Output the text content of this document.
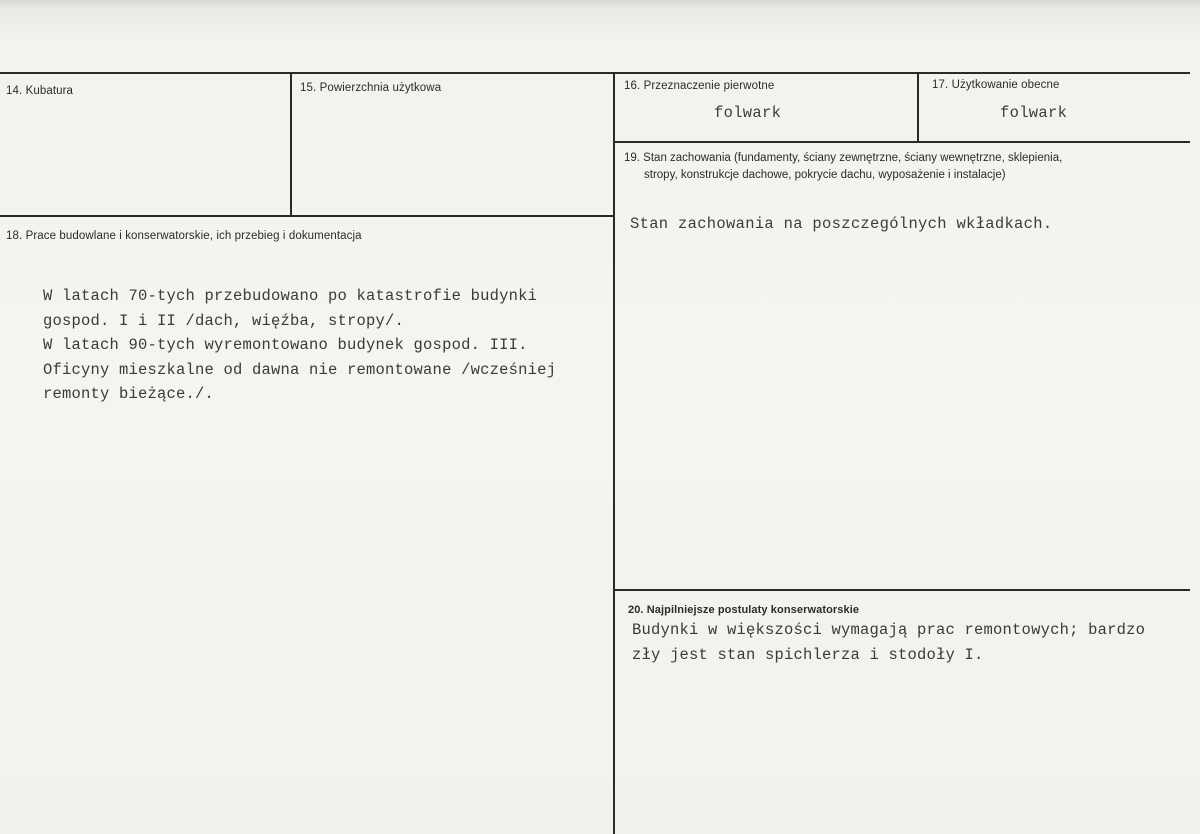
14. Kubatura	15. Powierzchnia użytkowa	16. Przeznaczenie pierwotne
folwark
17. Użytkowanie obecne
folwark
19. Stan zachowania (fundamenty, ściany zewnętrzne, ściany wewnętrzne, sklepienia,
stropy, konstrukcje dachowe, pokrycie dachu, wyposażenie i instalacje)
Stan zachowania na poszczególnych wkładkach.
18. Prace budowlane i konserwatorskie, ich przebieg i dokumentacja
W latach 70-tych przebudowano po katastrofie budynki
gospod. I i II /dach, więźba, stropy/.
W latach 90-tych wyremontowano budynek gospod. III.
Oficyny mieszkalne od dawna nie remontowane /wcześniej
remonty bieżące./.
20. Najpilniejsze postulaty konserwatorskie
Budynki w większości wymagają prac remontowych; bardzo
zły jest stan spichlerza i stodoły I.
